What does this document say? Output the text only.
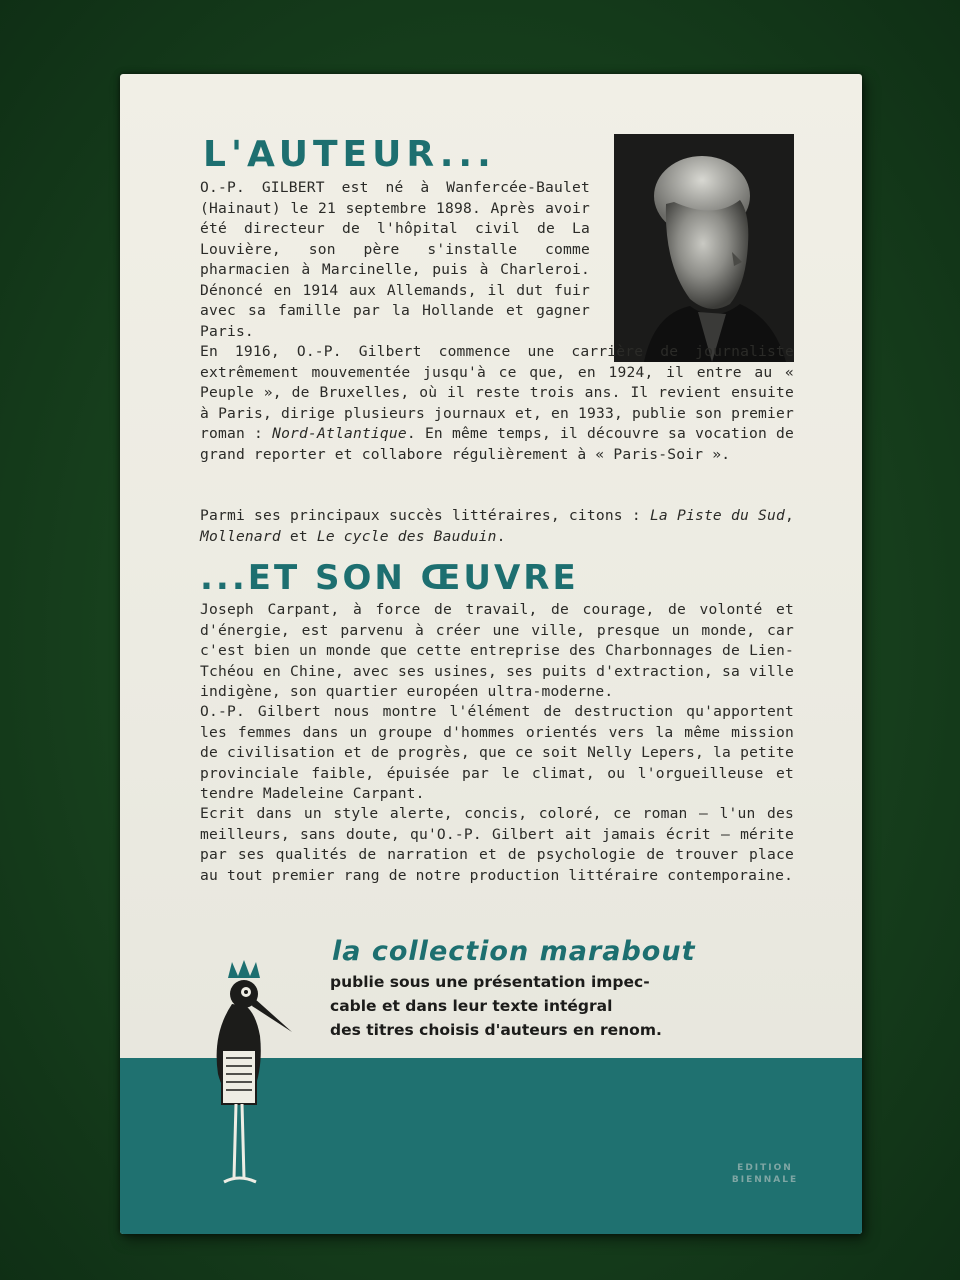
L'AUTEUR...

O.-P. GILBERT est né à Wanfercée-Baulet (Hainaut) le 21 septembre 1898. Après avoir été directeur de l'hôpital civil de La Louvière, son père s'installe comme pharmacien à Marcinelle, puis à Charleroi. Dénoncé en 1914 aux Allemands, il dut fuir avec sa famille par la Hollande et gagner Paris.

En 1916, O.-P. Gilbert commence une carrière de journaliste extrêmement mouvementée jusqu'à ce que, en 1924, il entre au « Peuple », de Bruxelles, où il reste trois ans. Il revient ensuite à Paris, dirige plusieurs journaux et, en 1933, publie son premier roman : Nord-Atlantique. En même temps, il découvre sa vocation de grand reporter et collabore régulièrement à « Paris-Soir ».

Parmi ses principaux succès littéraires, citons : La Piste du Sud, Mollenard et Le cycle des Bauduin.

...ET SON ŒUVRE

Joseph Carpant, à force de travail, de courage, de volonté et d'énergie, est parvenu à créer une ville, presque un monde, car c'est bien un monde que cette entreprise des Charbonnages de Lien-Tchéou en Chine, avec ses usines, ses puits d'extraction, sa ville indigène, son quartier européen ultra-moderne.

O.-P. Gilbert nous montre l'élément de destruction qu'apportent les femmes dans un groupe d'hommes orientés vers la même mission de civilisation et de progrès, que ce soit Nelly Lepers, la petite provinciale faible, épuisée par le climat, ou l'orgueilleuse et tendre Madeleine Carpant.

Ecrit dans un style alerte, concis, coloré, ce roman — l'un des meilleurs, sans doute, qu'O.-P. Gilbert ait jamais écrit — mérite par ses qualités de narration et de psychologie de trouver place au tout premier rang de notre production littéraire contemporaine.

la collection marabout
publie sous une présentation impec-
cable et dans leur texte intégral
des titres choisis d'auteurs en renom.
EDITION
BIENNALE
